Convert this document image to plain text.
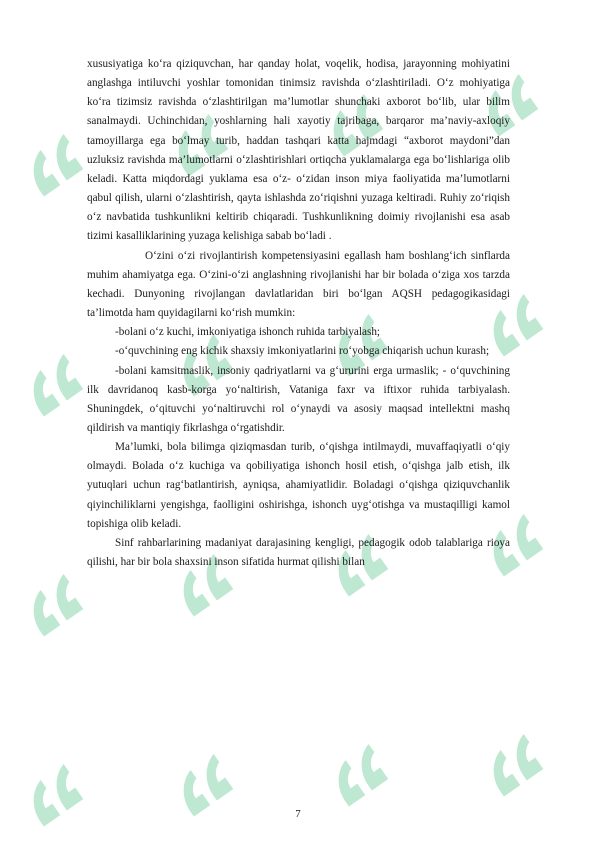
xususiyatiga ko‘ra qiziquvchan, har qanday holat, voqelik, hodisa, jarayonning mohiyatini anglashga intiluvchi yoshlar tomonidan tinimsiz ravishda o‘zlashtiriladi. O‘z mohiyatiga ko‘ra tizimsiz ravishda o‘zlashtirilgan ma’lumotlar shunchaki axborot bo‘lib, ular bilim sanalmaydi. Uchinchidan, yoshlarning hali xayotiy tajribaga, barqaror ma’naviy-axloqiy tamoyillarga ega bo‘lmay turib, haddan tashqari katta hajmdagi “axborot maydoni”dan uzluksiz ravishda ma’lumotlarni o‘zlashtirishlari ortiqcha yuklamalarga ega bo‘lishlariga olib keladi. Katta miqdordagi yuklama esa o‘z- o‘zidan inson miya faoliyatida ma’lumotlarni qabul qilish, ularni o‘zlashtirish, qayta ishlashda zo‘riqishni yuzaga keltiradi. Ruhiy zo‘riqish o‘z navbatida tushkunlikni keltirib chiqaradi. Tushkunlikning doimiy rivojlanishi esa asab tizimi kasalliklarining yuzaga kelishiga sabab bo‘ladi .

O‘zini o‘zi rivojlantirish kompetensiyasini egallash ham boshlang‘ich sinflarda muhim ahamiyatga ega. O‘zini-o‘zi anglashning rivojlanishi har bir bolada o‘ziga xos tarzda kechadi. Dunyoning rivojlangan davlatlaridan biri bo‘lgan AQSH pedagogikasidagi ta’limotda ham quyidagilarni ko‘rish mumkin:

-bolani o‘z kuchi, imkoniyatiga ishonch ruhida tarbiyalash;

-o‘quvchining eng kichik shaxsiy imkoniyatlarini ro‘yobga chiqarish uchun kurash;

-bolani kamsitmaslik, insoniy qadriyatlarni va g‘ururini erga urmaslik; - o‘quvchining ilk davridanoq kasb-korga yo‘naltirish, Vataniga faxr va iftixor ruhida tarbiyalash. Shuningdek, o‘qituvchi yo‘naltiruvchi rol o‘ynaydi va asosiy maqsad intellektni mashq qildirish va mantiqiy fikrlashga o‘rgatishdir.

Ma’lumki, bola bilimga qiziqmasdan turib, o‘qishga intilmaydi, muvaffaqiyatli o‘qiy olmaydi. Bolada o‘z kuchiga va qobiliyatiga ishonch hosil etish, o‘qishga jalb etish, ilk yutuqlari uchun rag‘batlantirish, ayniqsa, ahamiyatlidir. Boladagi o‘qishga qiziquvchanlik qiyinchiliklarni yengishga, faolligini oshirishga, ishonch uyg‘otishga va mustaqilligi kamol topishiga olib keladi.

Sinf rahbarlarining madaniyat darajasining kengligi, pedagogik odob talablariga rioya qilishi, har bir bola shaxsini inson sifatida hurmat qilishi bilan

7
